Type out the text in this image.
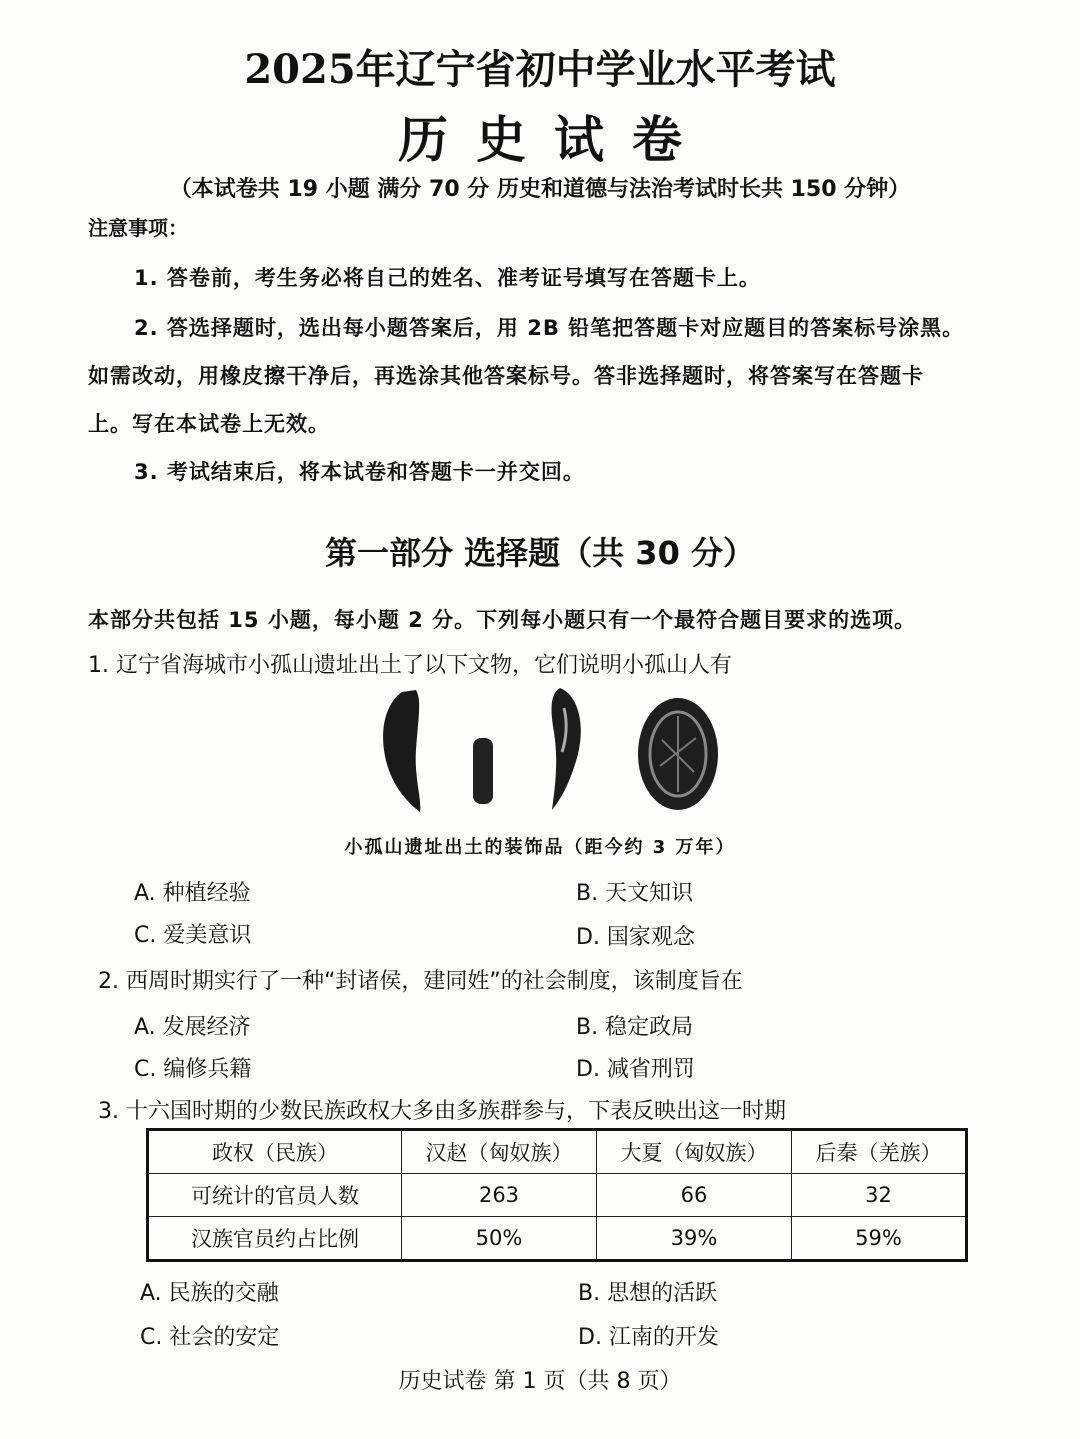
2025年辽宁省初中学业水平考试
历史试卷
（本试卷共 19 小题 满分 70 分 历史和道德与法治考试时长共 150 分钟）
注意事项：
1. 答卷前，考生务必将自己的姓名、准考证号填写在答题卡上。
2. 答选择题时，选出每小题答案后，用 2B 铅笔把答题卡对应题目的答案标号涂黑。
如需改动，用橡皮擦干净后，再选涂其他答案标号。答非选择题时，将答案写在答题卡
上。写在本试卷上无效。
3. 考试结束后，将本试卷和答题卡一并交回。
第一部分 选择题（共 30 分）
本部分共包括 15 小题，每小题 2 分。下列每小题只有一个最符合题目要求的选项。
1. 辽宁省海城市小孤山遗址出土了以下文物，它们说明小孤山人有
小孤山遗址出土的装饰品（距今约 3 万年）
A. 种植经验	B. 天文知识
C. 爱美意识	D. 国家观念
2. 西周时期实行了一种“封诸侯，建同姓”的社会制度，该制度旨在
A. 发展经济	B. 稳定政局
C. 编修兵籍	D. 减省刑罚
3. 十六国时期的少数民族政权大多由多族群参与，下表反映出这一时期
政权（民族）	汉赵（匈奴族）	大夏（匈奴族）	后秦（羌族）
可统计的官员人数	263	66	32
汉族官员约占比例	50%	39%	59%
A. 民族的交融	B. 思想的活跃
C. 社会的安定	D. 江南的开发
历史试卷 第 1 页（共 8 页）
